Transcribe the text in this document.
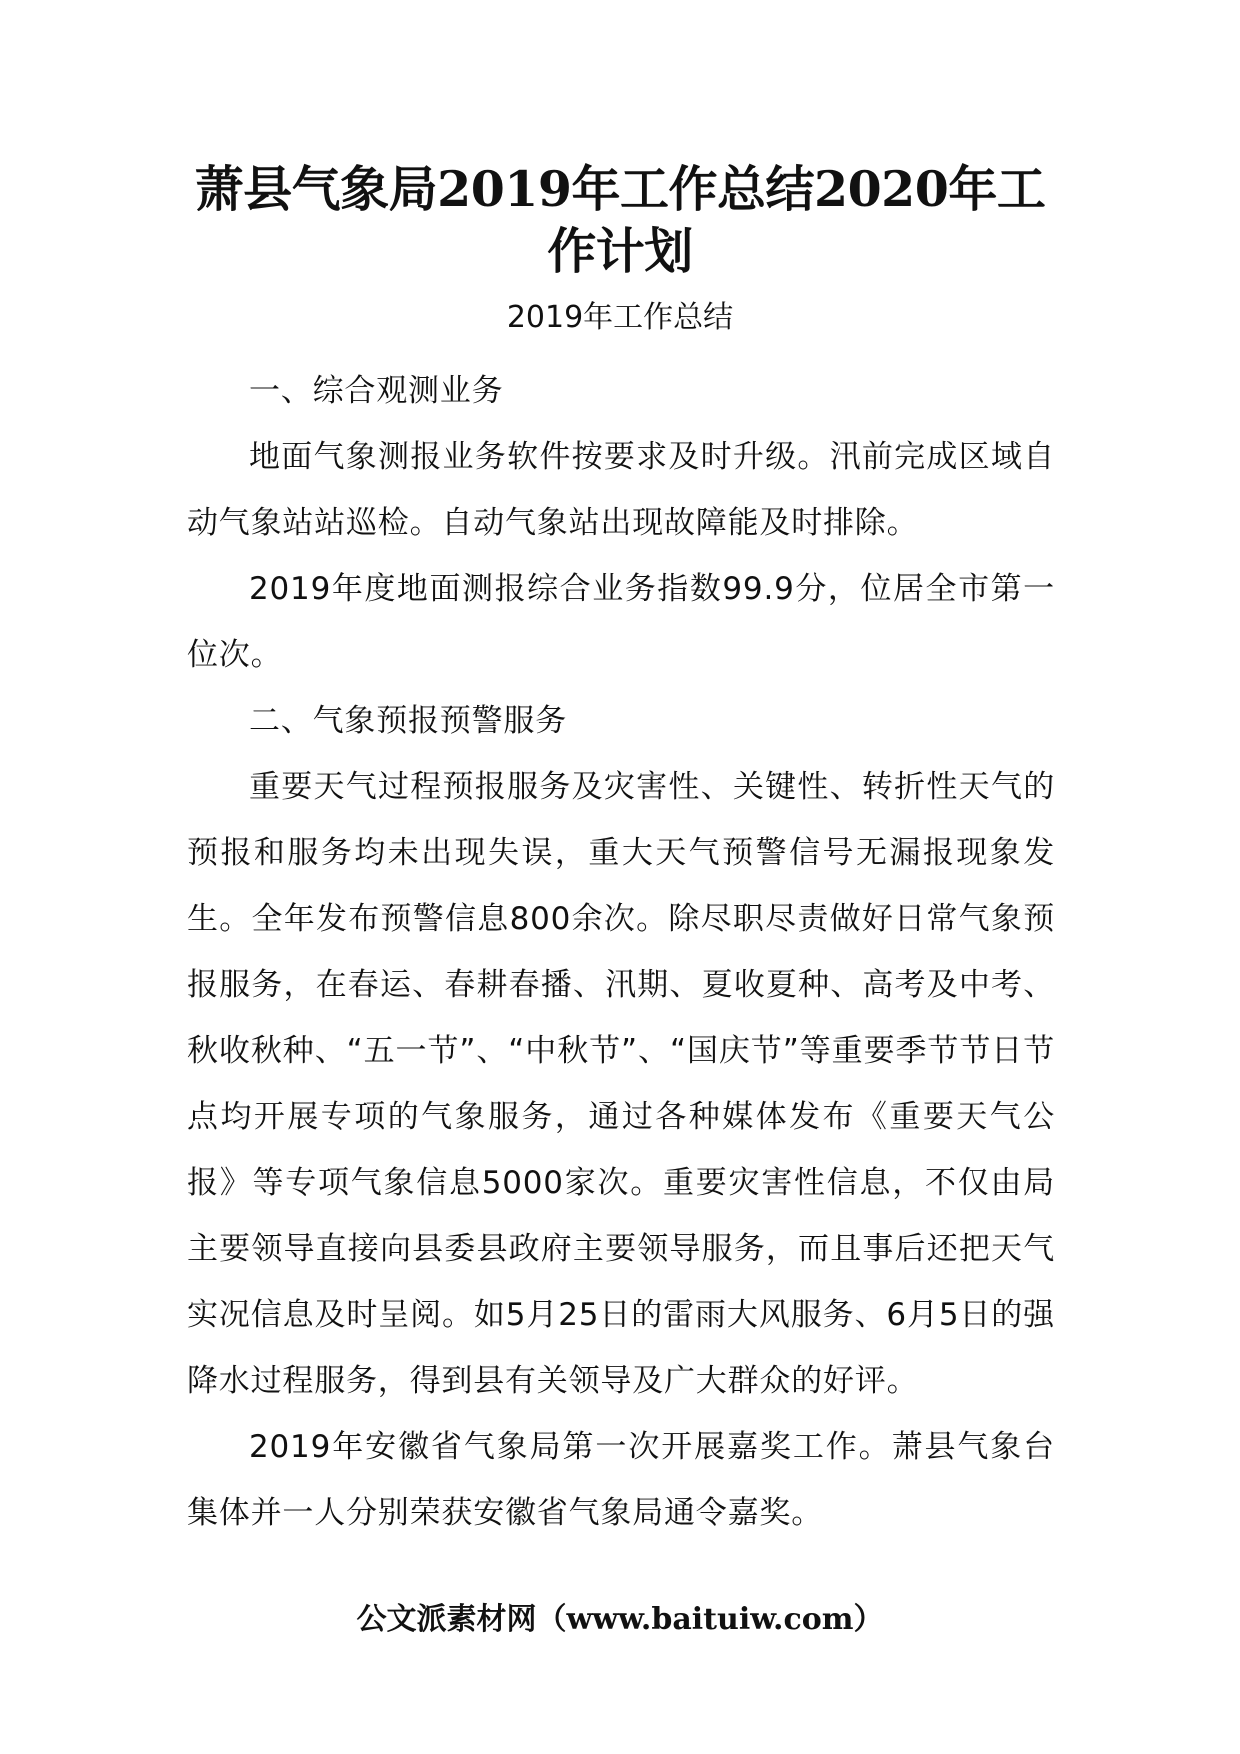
萧县气象局2019年工作总结2020年工作计划
2019年工作总结

一、综合观测业务

地面气象测报业务软件按要求及时升级。汛前完成区域自动气象站站巡检。自动气象站出现故障能及时排除。

2019年度地面测报综合业务指数99.9分，位居全市第一位次。

二、气象预报预警服务

重要天气过程预报服务及灾害性、关键性、转折性天气的预报和服务均未出现失误，重大天气预警信号无漏报现象发生。全年发布预警信息800余次。除尽职尽责做好日常气象预报服务，在春运、春耕春播、汛期、夏收夏种、高考及中考、秋收秋种、“五一节”、“中秋节”、“国庆节”等重要季节节日节点均开展专项的气象服务，通过各种媒体发布《重要天气公报》等专项气象信息5000家次。重要灾害性信息，不仅由局主要领导直接向县委县政府主要领导服务，而且事后还把天气实况信息及时呈阅。如5月25日的雷雨大风服务、6月5日的强降水过程服务，得到县有关领导及广大群众的好评。

2019年安徽省气象局第一次开展嘉奖工作。萧县气象台集体并一人分别荣获安徽省气象局通令嘉奖。

公文派素材网（www.baituiw.com）
